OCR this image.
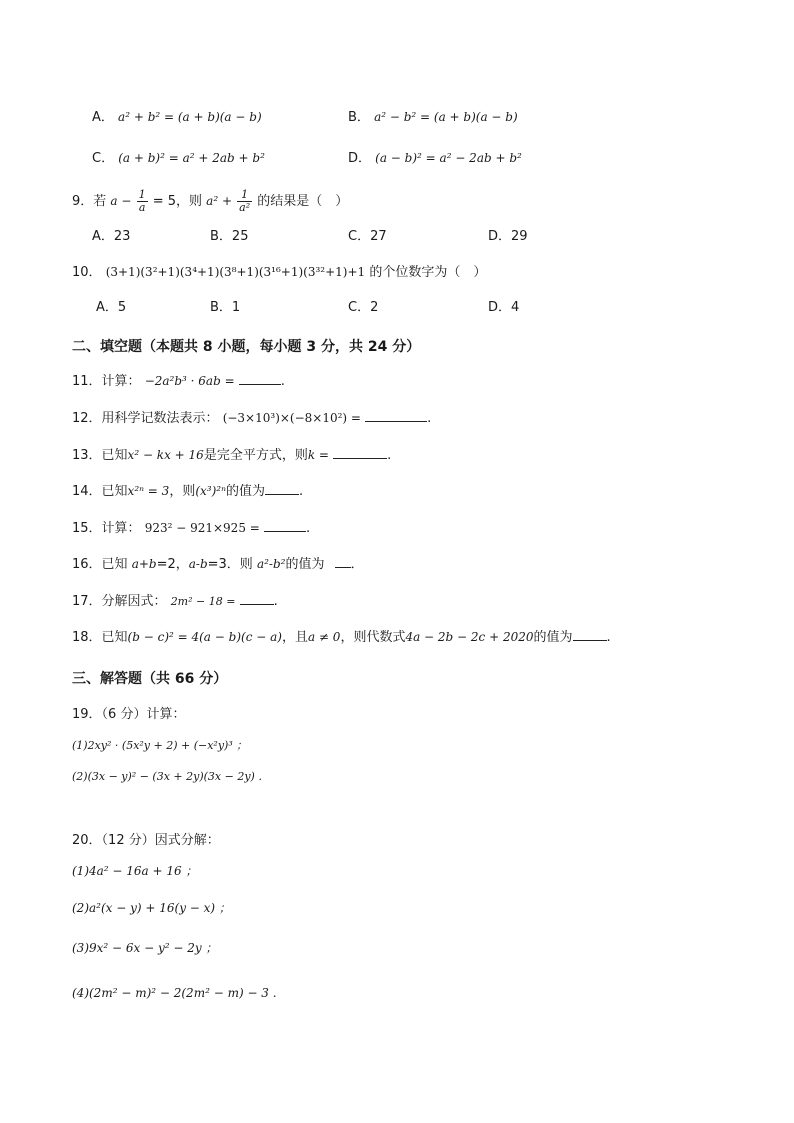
A． a² + b² = (a + b)(a − b)	B． a² − b² = (a + b)(a − b)
C． (a + b)² = a² + 2ab + b²	D． (a − b)² = a² − 2ab + b²
9．若 $a - \frac{1}{a} = 5$，则 $a^2 + \frac{1}{\text{a²}}$ 的结果是（　）
A．23	B．25	C．27	D．29
10． (3+1)(3²+1)(3⁴+1)(3⁸+1)(3¹⁶+1)(3³²+1)+1 的个位数字为（　）
A．5	B．1	C．2	D．4
二、填空题（本题共 8 小题，每小题 3 分，共 24 分）
11．计算： −2a²b³ · 6ab =	.
12．用科学记数法表示： (−3×10³)×(−8×10²) =	.
13．已知x² − kx + 16是完全平方式，则k =	.
14．已知x²ⁿ = 3，则(x³)²ⁿ的值为	.
15．计算： 923² − 921×925 =	.
16．已知 a+b=2，a-b=3．则 a²-b²的值为 ．
17．分解因式： 2m² − 18 =	.
18．已知(b − c)² = 4(a − b)(c − a)，且a ≠ 0，则代数式4a − 2b − 2c + 2020的值为	.
三、解答题（共 66 分）
19．（6 分）计算：
(1)2xy² · (5x²y + 2) + (−x²y)³ ；
(2)(3x − y)² − (3x + 2y)(3x − 2y) ．
20．（12 分）因式分解：
(1)4a² − 16a + 16 ；
(2)a²(x − y) + 16(y − x) ；
(3)9x² − 6x − y² − 2y ；
(4)(2m² − m)² − 2(2m² − m) − 3 .
